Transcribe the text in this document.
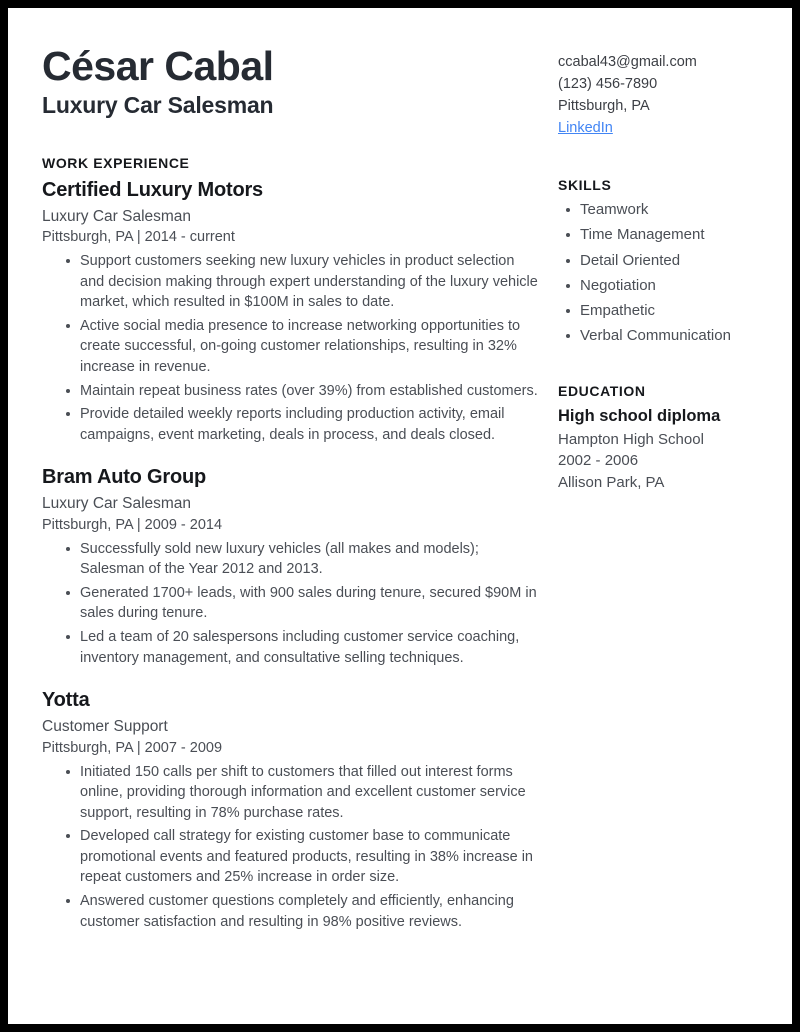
César Cabal
Luxury Car Salesman
WORK EXPERIENCE
Certified Luxury Motors
Luxury Car Salesman
Pittsburgh, PA | 2014 - current
Support customers seeking new luxury vehicles in product selection and decision making through expert understanding of the luxury vehicle market, which resulted in $100M in sales to date.
Active social media presence to increase networking opportunities to create successful, on-going customer relationships, resulting in 32% increase in revenue.
Maintain repeat business rates (over 39%) from established customers.
Provide detailed weekly reports including production activity, email campaigns, event marketing, deals in process, and deals closed.
Bram Auto Group
Luxury Car Salesman
Pittsburgh, PA | 2009 - 2014
Successfully sold new luxury vehicles (all makes and models); Salesman of the Year 2012 and 2013.
Generated 1700+ leads, with 900 sales during tenure, secured $90M in sales during tenure.
Led a team of 20 salespersons including customer service coaching, inventory management, and consultative selling techniques.
Yotta
Customer Support
Pittsburgh, PA | 2007 - 2009
Initiated 150 calls per shift to customers that filled out interest forms online, providing thorough information and excellent customer service support, resulting in 78% purchase rates.
Developed call strategy for existing customer base to communicate promotional events and featured products, resulting in 38% increase in repeat customers and 25% increase in order size.
Answered customer questions completely and efficiently, enhancing customer satisfaction and resulting in 98% positive reviews.
ccabal43@gmail.com
(123) 456-7890
Pittsburgh, PA
LinkedIn
SKILLS
Teamwork
Time Management
Detail Oriented
Negotiation
Empathetic
Verbal Communication
EDUCATION
High school diploma
Hampton High School
2002 - 2006
Allison Park, PA
